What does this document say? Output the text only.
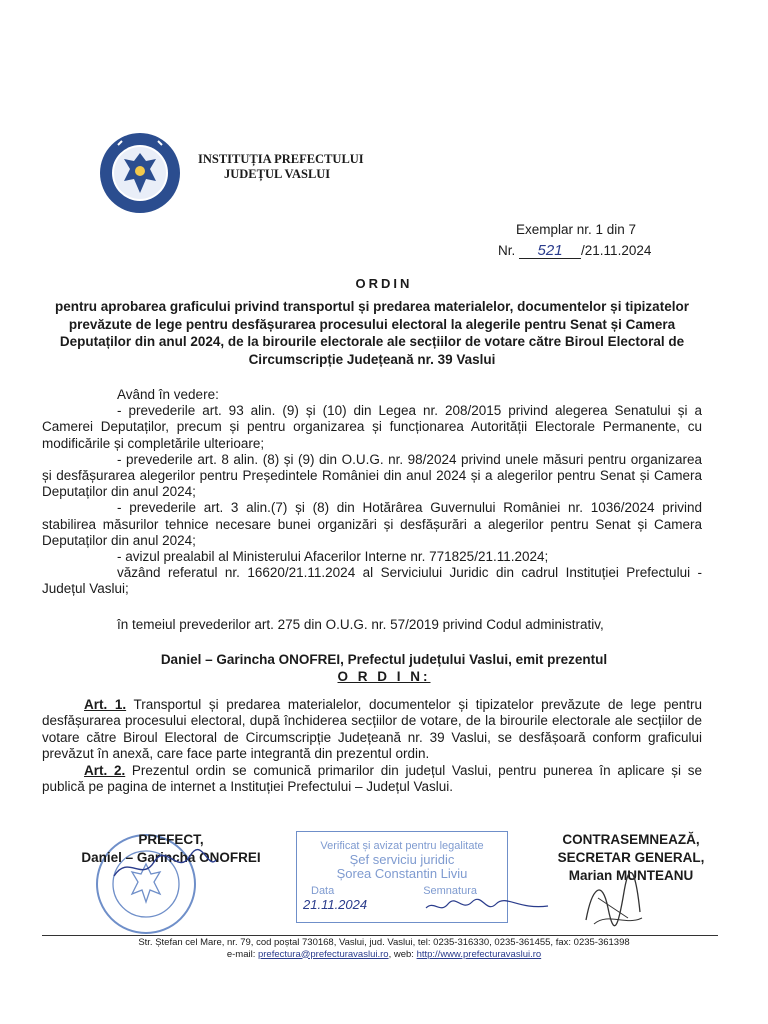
INSTITUȚIA PREFECTULUI
JUDEȚUL VASLUI
Exemplar nr. 1 din 7
Nr. 521 /21.11.2024
ORDIN
pentru aprobarea graficului privind transportul și predarea materialelor, documentelor și tipizatelor prevăzute de lege pentru desfășurarea procesului electoral la alegerile pentru Senat și Camera Deputaților din anul 2024, de la birourile electorale ale secțiilor de votare către Biroul Electoral de Circumscripție Județeană nr. 39 Vaslui

Având în vedere:

- prevederile art. 93 alin. (9) și (10) din Legea nr. 208/2015 privind alegerea Senatului și a Camerei Deputaților, precum și pentru organizarea și funcționarea Autorității Electorale Permanente, cu modificările și completările ulterioare;

- prevederile art. 8 alin. (8) și (9) din O.U.G. nr. 98/2024 privind unele măsuri pentru organizarea și desfășurarea alegerilor pentru Președintele României din anul 2024 și a alegerilor pentru Senat și Camera Deputaților din anul 2024;

- prevederile art. 3 alin.(7) și (8) din Hotărârea Guvernului României nr. 1036/2024 privind stabilirea măsurilor tehnice necesare bunei organizări și desfășurări a alegerilor pentru Senat și Camera Deputaților din anul 2024;

- avizul prealabil al Ministerului Afacerilor Interne nr. 771825/21.11.2024;

văzând referatul nr. 16620/21.11.2024 al Serviciului Juridic din cadrul Instituției Prefectului - Județul Vaslui;

în temeiul prevederilor art. 275 din O.U.G. nr. 57/2019 privind Codul administrativ,
Daniel – Garincha ONOFREI, Prefectul județului Vaslui, emit prezentul
O R D I N:

Art. 1. Transportul și predarea materialelor, documentelor și tipizatelor prevăzute de lege pentru desfășurarea procesului electoral, după închiderea secțiilor de votare, de la birourile electorale ale secțiilor de votare către Biroul Electoral de Circumscripție Județeană nr. 39 Vaslui, se desfășoară conform graficului prevăzut în anexă, care face parte integrantă din prezentul ordin.

Art. 2. Prezentul ordin se comunică primarilor din județul Vaslui, pentru punerea în aplicare și se publică pe pagina de internet a Instituției Prefectului – Județul Vaslui.

PREFECT,
Daniel – Garincha ONOFREI
Verificat și avizat pentru legalitate
Șef serviciu juridic
Șorea Constantin Liviu
Data	Semnatura
21.11.2024
CONTRASEMNEAZĂ,
SECRETAR GENERAL,
Marian MUNTEANU
Str. Ștefan cel Mare, nr. 79, cod poștal 730168, Vaslui, jud. Vaslui, tel: 0235-316330, 0235-361455, fax: 0235-361398
e-mail: prefectura@prefecturavaslui.ro, web: http://www.prefecturavaslui.ro
